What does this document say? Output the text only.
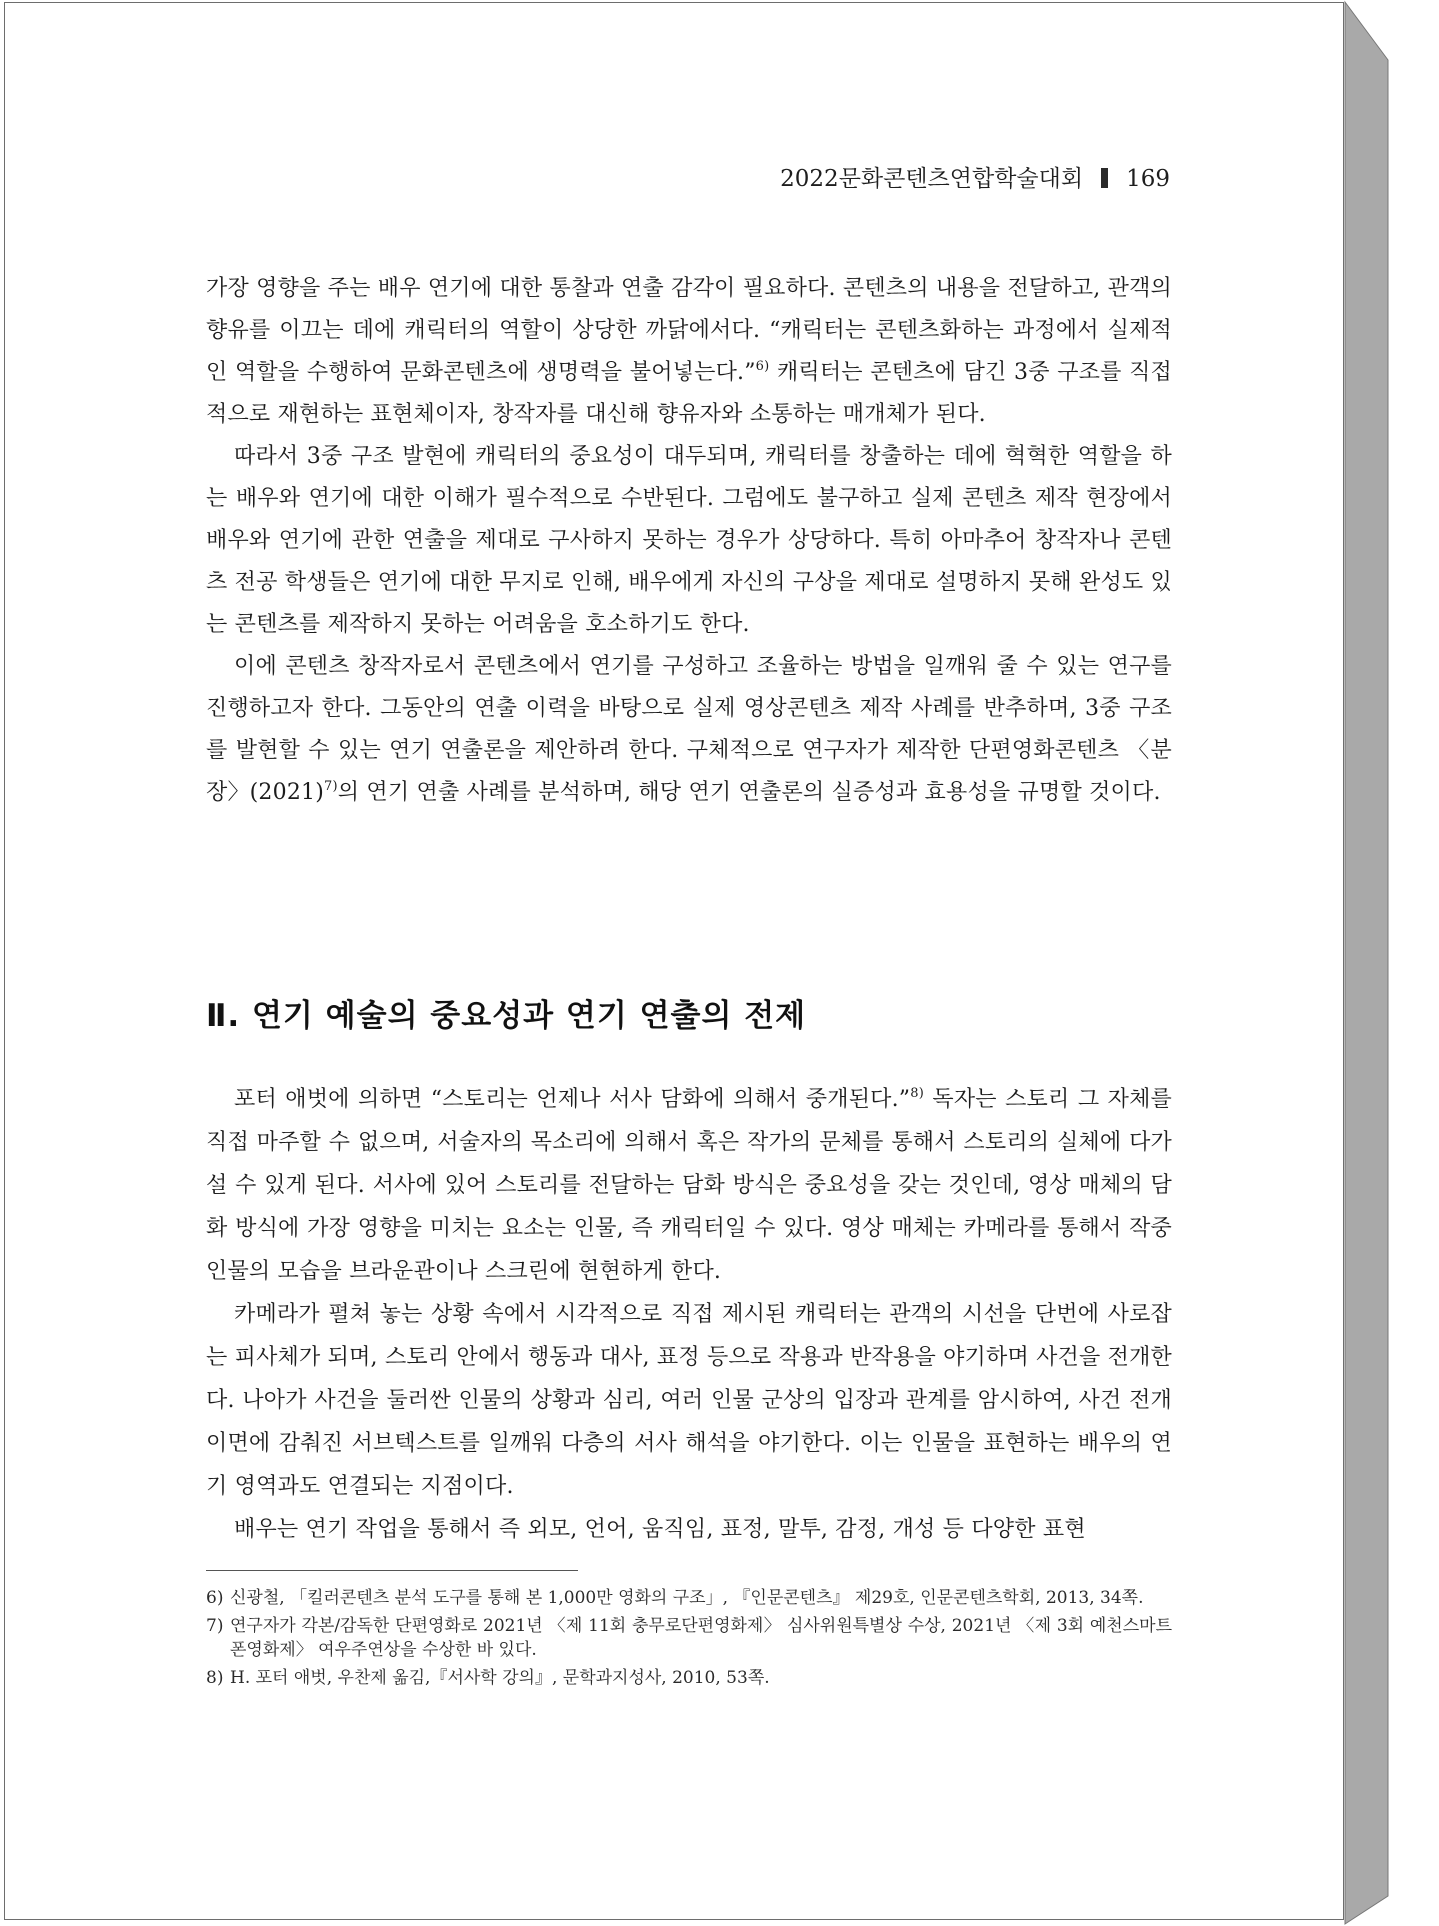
2022문화콘텐츠연합학술대회 169

가장 영향을 주는 배우 연기에 대한 통찰과 연출 감각이 필요하다. 콘텐츠의 내용을 전달하고, 관객의 향유를 이끄는 데에 캐릭터의 역할이 상당한 까닭에서다. “캐릭터는 콘텐츠화하는 과정에서 실제적인 역할을 수행하여 문화콘텐츠에 생명력을 불어넣는다.”$^{6)}$ 캐릭터는 콘텐츠에 담긴 3중 구조를 직접적으로 재현하는 표현체이자, 창작자를 대신해 향유자와 소통하는 매개체가 된다.

따라서 3중 구조 발현에 캐릭터의 중요성이 대두되며, 캐릭터를 창출하는 데에 혁혁한 역할을 하는 배우와 연기에 대한 이해가 필수적으로 수반된다. 그럼에도 불구하고 실제 콘텐츠 제작 현장에서 배우와 연기에 관한 연출을 제대로 구사하지 못하는 경우가 상당하다. 특히 아마추어 창작자나 콘텐츠 전공 학생들은 연기에 대한 무지로 인해, 배우에게 자신의 구상을 제대로 설명하지 못해 완성도 있는 콘텐츠를 제작하지 못하는 어려움을 호소하기도 한다.

이에 콘텐츠 창작자로서 콘텐츠에서 연기를 구성하고 조율하는 방법을 일깨워 줄 수 있는 연구를 진행하고자 한다. 그동안의 연출 이력을 바탕으로 실제 영상콘텐츠 제작 사례를 반추하며, 3중 구조를 발현할 수 있는 연기 연출론을 제안하려 한다. 구체적으로 연구자가 제작한 단편영화콘텐츠 〈분장〉(2021)$^{7)}$의 연기 연출 사례를 분석하며, 해당 연기 연출론의 실증성과 효용성을 규명할 것이다.

Ⅱ. 연기 예술의 중요성과 연기 연출의 전제

포터 애벗에 의하면 “스토리는 언제나 서사 담화에 의해서 중개된다.”$^{8)}$ 독자는 스토리 그 자체를 직접 마주할 수 없으며, 서술자의 목소리에 의해서 혹은 작가의 문체를 통해서 스토리의 실체에 다가설 수 있게 된다. 서사에 있어 스토리를 전달하는 담화 방식은 중요성을 갖는 것인데, 영상 매체의 담화 방식에 가장 영향을 미치는 요소는 인물, 즉 캐릭터일 수 있다. 영상 매체는 카메라를 통해서 작중 인물의 모습을 브라운관이나 스크린에 현현하게 한다.

카메라가 펼쳐 놓는 상황 속에서 시각적으로 직접 제시된 캐릭터는 관객의 시선을 단번에 사로잡는 피사체가 되며, 스토리 안에서 행동과 대사, 표정 등으로 작용과 반작용을 야기하며 사건을 전개한다. 나아가 사건을 둘러싼 인물의 상황과 심리, 여러 인물 군상의 입장과 관계를 암시하여, 사건 전개 이면에 감춰진 서브텍스트를 일깨워 다층의 서사 해석을 야기한다. 이는 인물을 표현하는 배우의 연기 영역과도 연결되는 지점이다.

배우는 연기 작업을 통해서 즉 외모, 언어, 움직임, 표정, 말투, 감정, 개성 등 다양한 표현

6) 신광철, 「킬러콘텐츠 분석 도구를 통해 본 1,000만 영화의 구조」, 『인문콘텐츠』 제29호, 인문콘텐츠학회, 2013, 34쪽.
7) 연구자가 각본/감독한 단편영화로 2021년 〈제 11회 충무로단편영화제〉 심사위원특별상 수상, 2021년 〈제 3회 예천스마트폰영화제〉 여우주연상을 수상한 바 있다.
8) H. 포터 애벗, 우찬제 옮김,『서사학 강의』, 문학과지성사, 2010, 53쪽.
